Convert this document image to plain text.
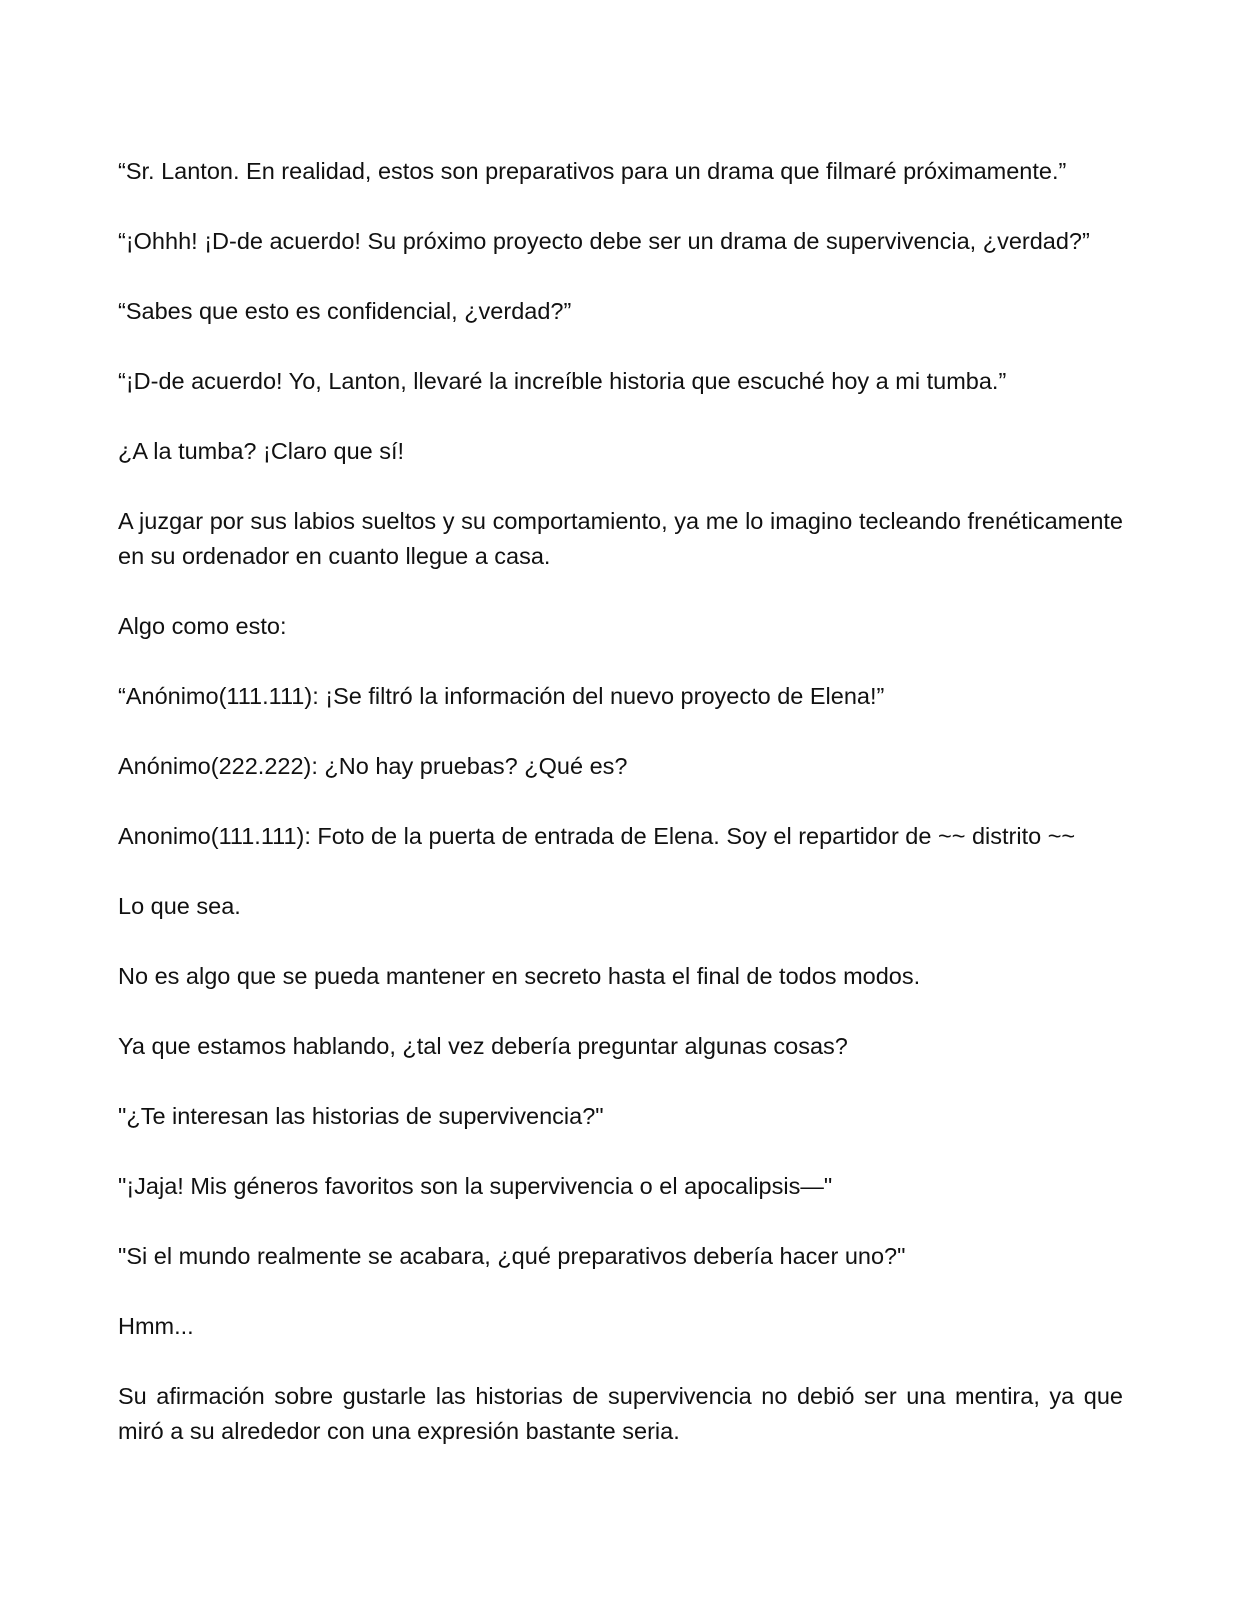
“Sr. Lanton. En realidad, estos son preparativos para un drama que filmaré próximamente.”

“¡Ohhh! ¡D-de acuerdo! Su próximo proyecto debe ser un drama de supervivencia, ¿verdad?”

“Sabes que esto es confidencial, ¿verdad?”

“¡D-de acuerdo! Yo, Lanton, llevaré la increíble historia que escuché hoy a mi tumba.”

¿A la tumba? ¡Claro que sí!

A juzgar por sus labios sueltos y su comportamiento, ya me lo imagino tecleando frenéticamente en su ordenador en cuanto llegue a casa.

Algo como esto:

“Anónimo(111.111): ¡Se filtró la información del nuevo proyecto de Elena!”

Anónimo(222.222): ¿No hay pruebas? ¿Qué es?

Anonimo(111.111): Foto de la puerta de entrada de Elena. Soy el repartidor de ~~ distrito ~~

Lo que sea.

No es algo que se pueda mantener en secreto hasta el final de todos modos.

Ya que estamos hablando, ¿tal vez debería preguntar algunas cosas?

"¿Te interesan las historias de supervivencia?"

"¡Jaja! Mis géneros favoritos son la supervivencia o el apocalipsis—"

"Si el mundo realmente se acabara, ¿qué preparativos debería hacer uno?"

Hmm...

Su afirmación sobre gustarle las historias de supervivencia no debió ser una mentira, ya que miró a su alrededor con una expresión bastante seria.
